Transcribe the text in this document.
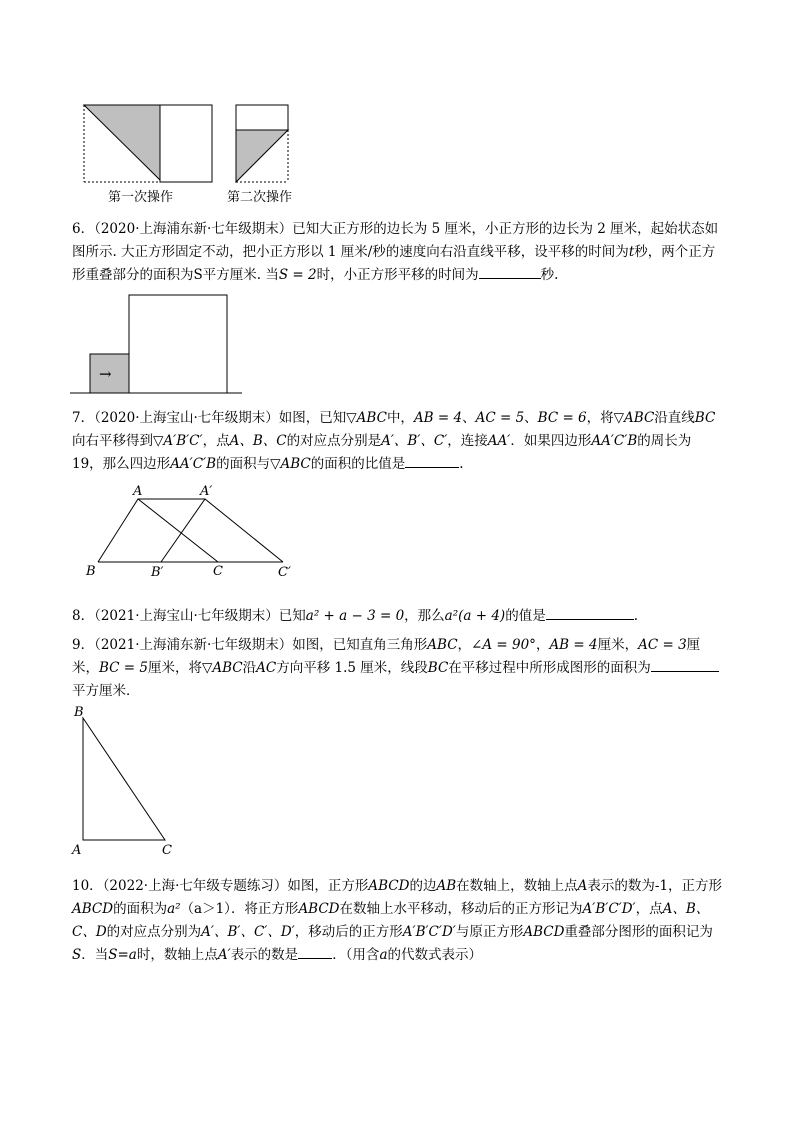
第一次操作	第二次操作

6．（2020·上海浦东新·七年级期末）已知大正方形的边长为 5 厘米，小正方形的边长为 2 厘米，起始状态如图所示. 大正方形固定不动，把小正方形以 1 厘米/秒的速度向右沿直线平移，设平移的时间为t秒，两个正方形重叠部分的面积为S平方厘米. 当S = 2时，小正方形平移的时间为	秒.

→

7．（2020·上海宝山·七年级期末）如图，已知▽ABC中，AB = 4、AC = 5、BC = 6，将▽ABC沿直线BC向右平移得到▽A′B′C′，点A、B、C的对应点分别是A′、B′、C′，连接AA′．如果四边形AA′C′B的周长为 19，那么四边形AA′C′B的面积与▽ABC的面积的比值是	.

A	A′
B	B′	C	C′

8．（2021·上海宝山·七年级期末）已知a² + a − 3 = 0，那么a²(a + 4)的值是	.

9．（2021·上海浦东新·七年级期末）如图，已知直角三角形ABC，∠A = 90°，AB = 4厘米，AC = 3厘米，BC = 5厘米，将▽ABC沿AC方向平移 1.5 厘米，线段BC在平移过程中所形成图形的面积为平方厘米．

B
A	C

10．（2022·上海·七年级专题练习）如图，正方形ABCD的边AB在数轴上，数轴上点A表示的数为-1，正方形ABCD的面积为a²（a＞1）．将正方形ABCD在数轴上水平移动，移动后的正方形记为A′B′C′D′，点A、B、C、D的对应点分别为A′、B′、C′、D′，移动后的正方形A′B′C′D′与原正方形ABCD重叠部分图形的面积记为S．当S=a时，数轴上点A′表示的数是	．（用含a的代数式表示）
